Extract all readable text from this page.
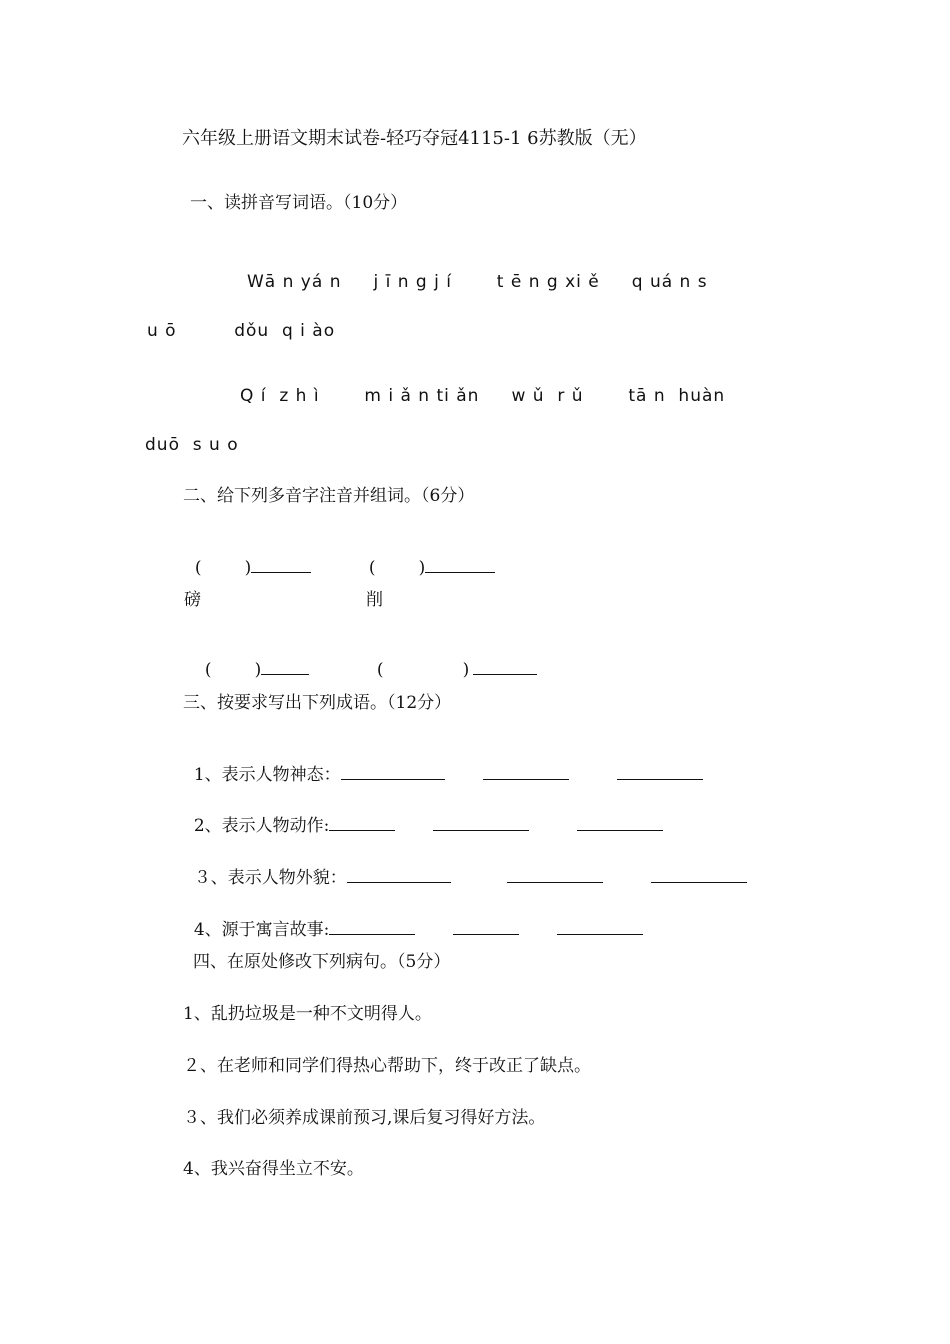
六年级上册语文期末试卷-轻巧夺冠4115-1 6苏教版（无）
一、读拼音写词语。（10分）
Wā n yá n     j ī n g j í       t ē n g xi ě     q uá n s
u ō         dǒu  q i ào
Q í  z h ì       m i ǎ n ti ǎn     w ǔ  r ǔ       tā n  huàn
duō  s u o
二、给下列多音字注音并组词。（6分）

(        )	(        )

磅	削

(        )	(        )

三、按要求写出下列成语。（12分）

1、表示人物神态：

2、表示人物动作:

３、表示人物外貌：

4、源于寓言故事:

四、在原处修改下列病句。（5分）
1、乱扔垃圾是一种不文明得人。
２、在老师和同学们得热心帮助下，终于改正了缺点。
３、我们必须养成课前预习,课后复习得好方法。
4、我兴奋得坐立不安。
